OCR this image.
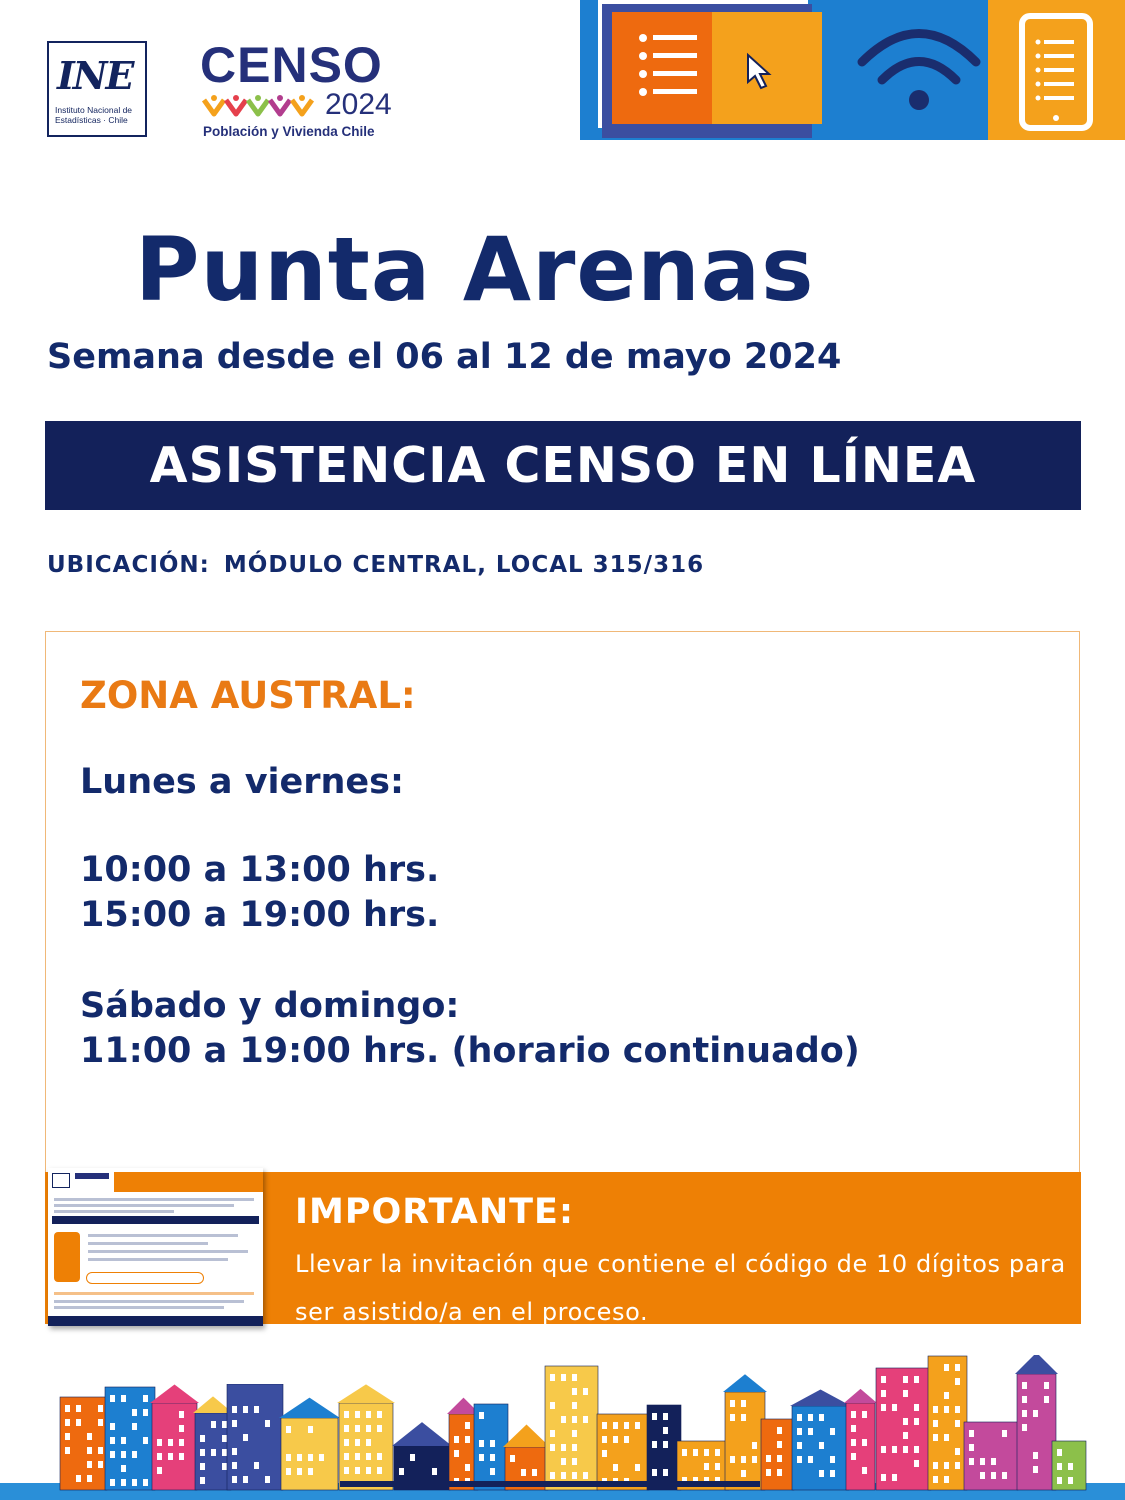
INE
Instituto Nacional de Estadísticas · Chile
CENSO
2024
Población y Vivienda Chile
Punta Arenas
Semana desde el 06 al 12 de mayo 2024
ASISTENCIA CENSO EN LÍNEA
UBICACIÓN: MÓDULO CENTRAL, LOCAL 315/316
ZONA AUSTRAL:
Lunes a viernes:
10:00 a 13:00 hrs.
15:00 a 19:00 hrs.
Sábado y domingo:
11:00 a 19:00 hrs. (horario continuado)
IMPORTANTE:
Llevar la invitación que contiene el código de 10 dígitos para ser asistido/a en el proceso.
